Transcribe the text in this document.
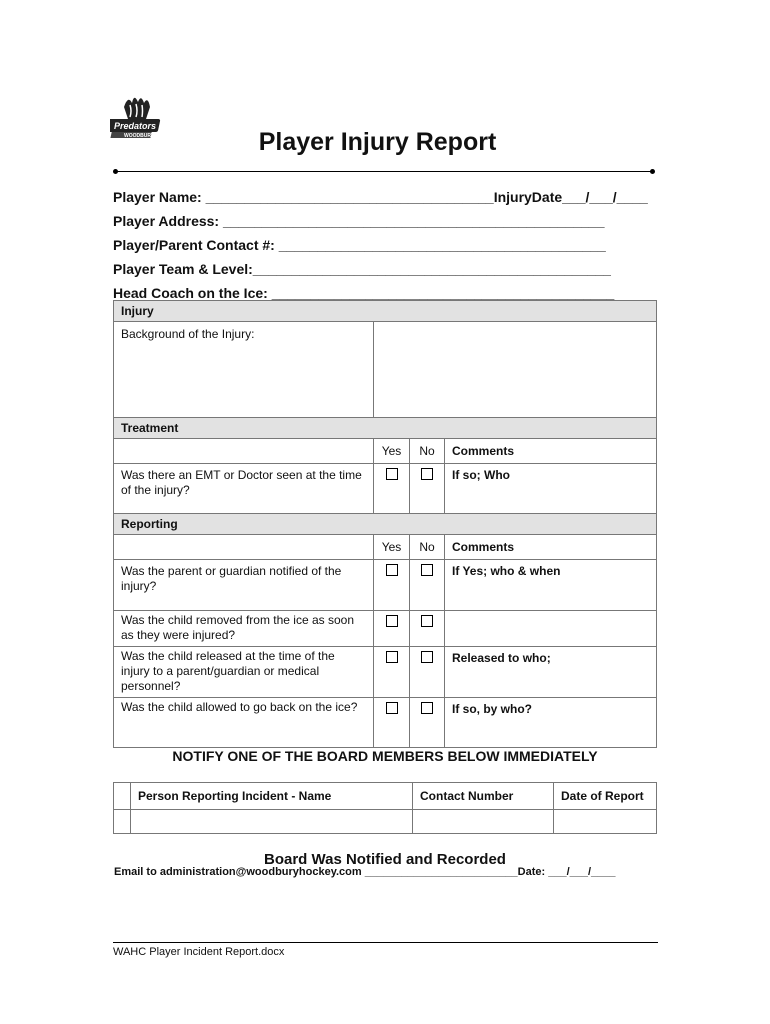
Predators
WOODBURY	Player Injury Report
Player Name: _____________________________________InjuryDate___/___/____
Player Address: _________________________________________________
Player/Parent Contact #: __________________________________________
Player Team & Level:______________________________________________
Head Coach on the Ice: ____________________________________________
Injury			
Background of the Injury:			
Treatment			
	Yes	No	Comments
Was there an EMT or Doctor seen at the time of the injury?			If so; Who
Reporting			
	Yes	No	Comments
Was the parent or guardian notified of the injury?			If Yes; who & when
Was the child removed from the ice as soon as they were injured?			
Was the child released at the time of the injury to a parent/guardian or medical personnel?			Released to who;
Was the child allowed to go back on the ice?			If so, by who?
NOTIFY ONE OF THE BOARD MEMBERS BELOW IMMEDIATELY
	Person Reporting Incident - Name	Contact Number	Date of Report

Board Was Notified and Recorded
Email to administration@woodburyhockey.com _________________________Date: ___/___/____
WAHC Player Incident Report.docx
